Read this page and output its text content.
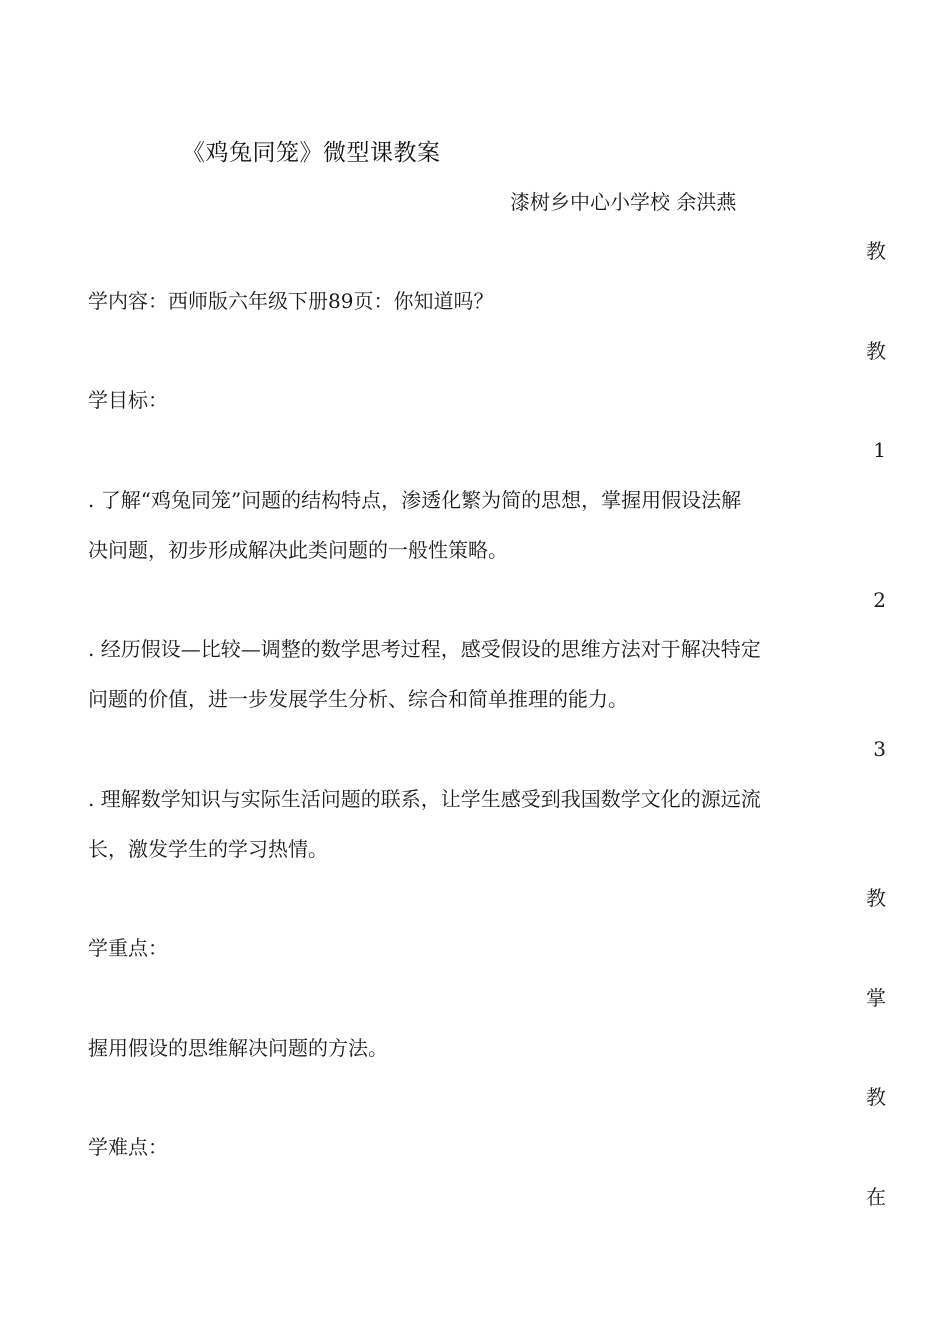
《鸡兔同笼》微型课教案
漆树乡中心小学校 余洪燕
教
学内容：西师版六年级下册89页：你知道吗？
教
学目标：
1
. 了解“鸡兔同笼”问题的结构特点，渗透化繁为简的思想，掌握用假设法解
决问题，初步形成解决此类问题的一般性策略。
2
. 经历假设—比较—调整的数学思考过程，感受假设的思维方法对于解决特定
问题的价值，进一步发展学生分析、综合和简单推理的能力。
3
. 理解数学知识与实际生活问题的联系，让学生感受到我国数学文化的源远流
长，激发学生的学习热情。
教
学重点：
掌
握用假设的思维解决问题的方法。
教
学难点：
在
